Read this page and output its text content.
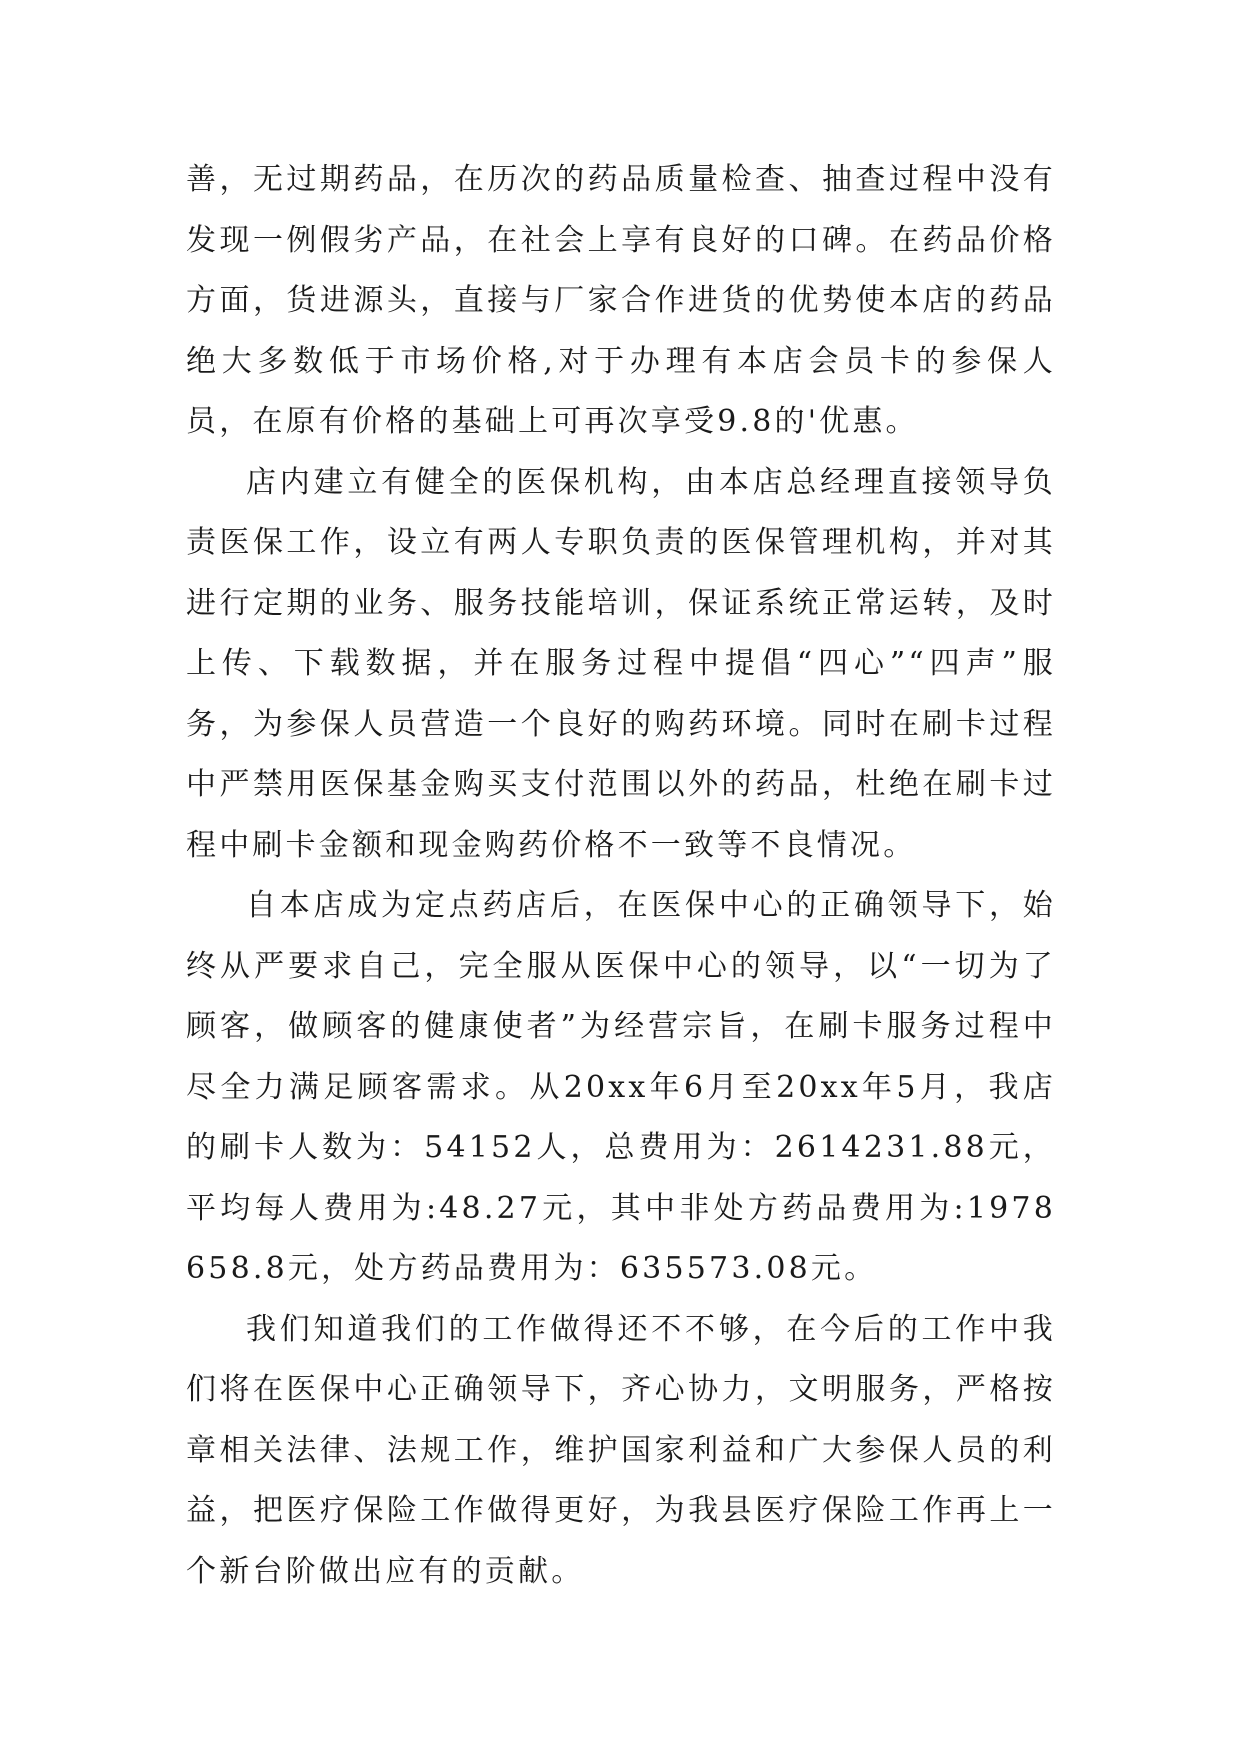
善，无过期药品，在历次的药品质量检查、抽查过程中没有发现一例假劣产品，在社会上享有良好的口碑。在药品价格方面，货进源头，直接与厂家合作进货的优势使本店的药品绝大多数低于市场价格,对于办理有本店会员卡的参保人员，在原有价格的基础上可再次享受9.8的'优惠。

店内建立有健全的医保机构，由本店总经理直接领导负责医保工作，设立有两人专职负责的医保管理机构，并对其进行定期的业务、服务技能培训，保证系统正常运转，及时上传、下载数据，并在服务过程中提倡“四心”“四声”服务，为参保人员营造一个良好的购药环境。同时在刷卡过程中严禁用医保基金购买支付范围以外的药品，杜绝在刷卡过程中刷卡金额和现金购药价格不一致等不良情况。

自本店成为定点药店后，在医保中心的正确领导下，始终从严要求自己，完全服从医保中心的领导，以“一切为了顾客，做顾客的健康使者”为经营宗旨，在刷卡服务过程中尽全力满足顾客需求。从20xx年6月至20xx年5月，我店的刷卡人数为：54152人，总费用为：2614231.88元，平均每人费用为:48.27元，其中非处方药品费用为:1978658.8元，处方药品费用为：635573.08元。

我们知道我们的工作做得还不不够，在今后的工作中我们将在医保中心正确领导下，齐心协力，文明服务，严格按章相关法律、法规工作，维护国家利益和广大参保人员的利益，把医疗保险工作做得更好，为我县医疗保险工作再上一个新台阶做出应有的贡献。
